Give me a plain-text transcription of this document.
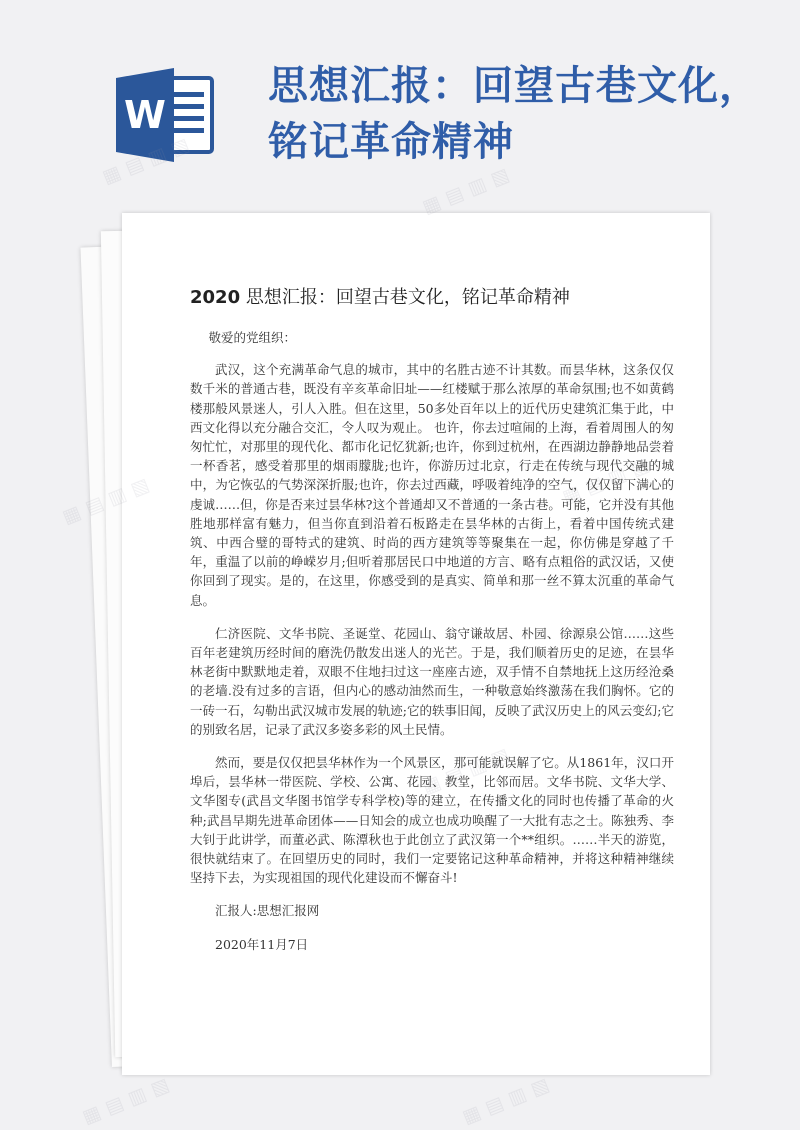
W
思想汇报：回望古巷文化，铭记革命精神
▦ ▤ ▥ ▧
▦ ▤ ▥ ▧
▦
▦ ▤ ▥ ▧	▦ ▤ ▥ ▧
2020 思想汇报：回望古巷文化，铭记革命精神

敬爱的党组织：

武汉，这个充满革命气息的城市，其中的名胜古迹不计其数。而昙华林，这条仅仅数千米的普通古巷，既没有辛亥革命旧址——红楼赋于那么浓厚的革命氛围;也不如黄鹤楼那般风景迷人，引人入胜。但在这里，50多处百年以上的近代历史建筑汇集于此，中西文化得以充分融合交汇，令人叹为观止。 也许，你去过喧闹的上海，看着周围人的匆匆忙忙，对那里的现代化、都市化记忆犹新;也许，你到过杭州，在西湖边静静地品尝着一杯香茗，感受着那里的烟雨朦胧;也许，你游历过北京，行走在传统与现代交融的城中，为它恢弘的气势深深折服;也许，你去过西藏，呼吸着纯净的空气，仅仅留下满心的虔诚……但，你是否来过昙华林?这个普通却又不普通的一条古巷。可能，它并没有其他胜地那样富有魅力，但当你直到沿着石板路走在昙华林的古街上，看着中国传统式建筑、中西合璧的哥特式的建筑、时尚的西方建筑等等聚集在一起，你仿佛是穿越了千年，重温了以前的峥嵘岁月;但听着那居民口中地道的方言、略有点粗俗的武汉话，又使你回到了现实。是的，在这里，你感受到的是真实、简单和那一丝不算太沉重的革命气息。

仁济医院、文华书院、圣诞堂、花园山、翁守谦故居、朴园、徐源泉公馆……这些百年老建筑历经时间的磨洗仍散发出迷人的光芒。于是，我们顺着历史的足迹，在昙华林老街中默默地走着，双眼不住地扫过这一座座古迹，双手情不自禁地抚上这历经沧桑的老墙.没有过多的言语，但内心的感动油然而生，一种敬意始终激荡在我们胸怀。它的一砖一石，勾勒出武汉城市发展的轨迹;它的轶事旧闻，反映了武汉历史上的风云变幻;它的别致名居，记录了武汉多姿多彩的风土民情。

然而，要是仅仅把昙华林作为一个风景区，那可能就误解了它。从1861年，汉口开埠后，昙华林一带医院、学校、公寓、花园、教堂，比邻而居。文华书院、文华大学、文华图专(武昌文华图书馆学专科学校)等的建立，在传播文化的同时也传播了革命的火种;武昌早期先进革命团体——日知会的成立也成功唤醒了一大批有志之士。陈独秀、李大钊于此讲学，而董必武、陈潭秋也于此创立了武汉第一个**组织。……半天的游览，很快就结束了。在回望历史的同时，我们一定要铭记这种革命精神，并将这种精神继续坚持下去，为实现祖国的现代化建设而不懈奋斗!

汇报人:思想汇报网

2020年11月7日
